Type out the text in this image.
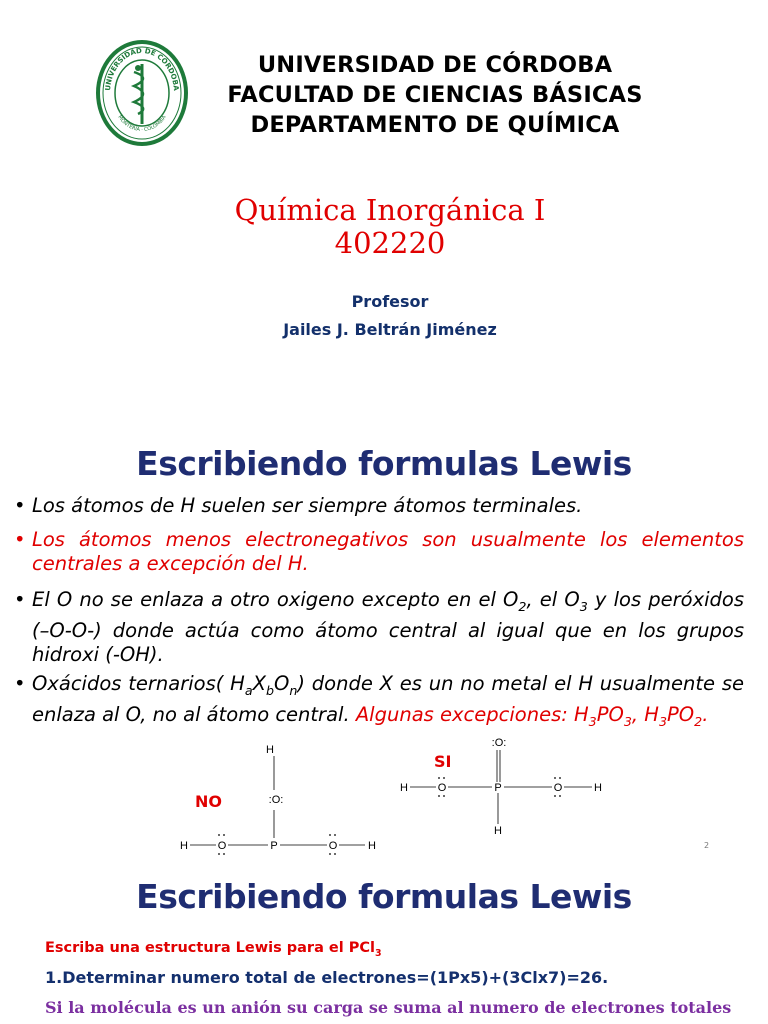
UNIVERSIDAD DE CÓRDOBA
MONTERÍA · COLOMBIA
UNIVERSIDAD DE CÓRDOBA
FACULTAD DE CIENCIAS BÁSICAS
DEPARTAMENTO DE QUÍMICA
Química Inorgánica I
402220
Profesor
Jailes J. Beltrán Jiménez
Escribiendo formulas Lewis
• Los átomos de H suelen ser siempre átomos terminales.
• Los átomos menos electronegativos son usualmente los elementos centrales a excepción del H.
• El O no se enlaza a otro oxigeno excepto en el $O_2$, el $O_3$ y los peróxidos (–O-O-) donde actúa como átomo central al igual que en los grupos hidroxi (-OH).
• Oxácidos ternarios( $H_aX_bO_n$) donde X es un no metal el H usualmente se enlaza al O, no al átomo central. Algunas excepciones: $H_3PO_3$, $H_3PO_2$.
NO
SI
H
:O:
H	O	P	O	H
:O:
H	O	P	O	H
H
2
Escribiendo formulas Lewis
Escriba una estructura Lewis para el PCl$_3$
1.Determinar numero total de electrones=(1Px5)+(3Clx7)=26.
Si la molécula es un anión su carga se suma al numero de electrones totales
